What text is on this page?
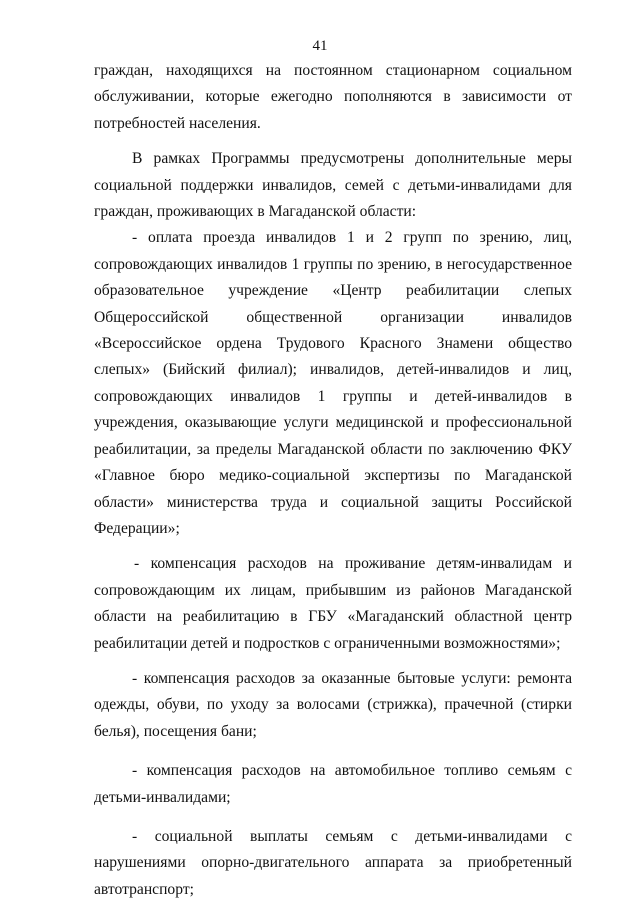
41

граждан, находящихся на постоянном стационарном социальном обслуживании, которые ежегодно пополняются в зависимости от потребностей населения.

В рамках Программы предусмотрены дополнительные меры социальной поддержки инвалидов, семей с детьми-инвалидами для граждан, проживающих в Магаданской области:

- оплата проезда инвалидов 1 и 2 групп по зрению, лиц, сопровождающих инвалидов 1 группы по зрению, в негосударственное образовательное учреждение «Центр реабилитации слепых Общероссийской общественной организации инвалидов «Всероссийское ордена Трудового Красного Знамени общество слепых» (Бийский филиал); инвалидов, детей-инвалидов и лиц, сопровождающих инвалидов 1 группы и детей-инвалидов в учреждения, оказывающие услуги медицинской и профессиональной реабилитации, за пределы Магаданской области по заключению ФКУ «Главное бюро медико-социальной экспертизы по Магаданской области» министерства труда и социальной защиты Российской Федерации»;

- компенсация расходов на проживание детям-инвалидам и сопровождающим их лицам, прибывшим из районов Магаданской области на реабилитацию в ГБУ «Магаданский областной центр реабилитации детей и подростков с ограниченными возможностями»;

- компенсация расходов за оказанные бытовые услуги: ремонта одежды, обуви, по уходу за волосами (стрижка), прачечной (стирки белья), посещения бани;

- компенсация расходов на автомобильное топливо семьям с детьми-инвалидами;

- социальной выплаты семьям с детьми-инвалидами с нарушениями опорно-двигательного аппарата за приобретенный автотранспорт;
